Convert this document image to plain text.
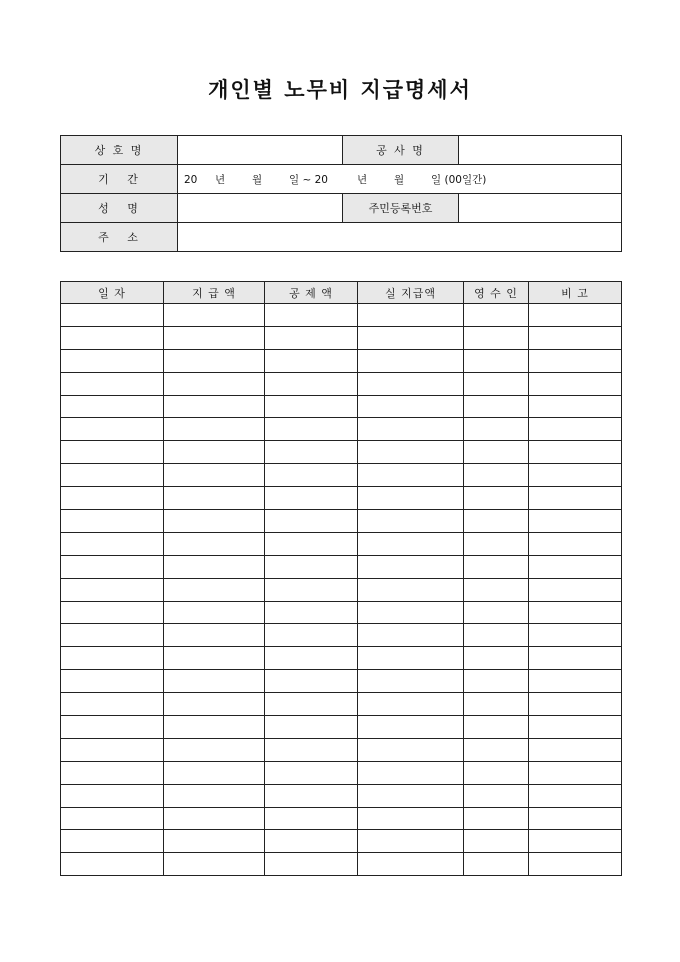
개인별 노무비 지급명세서
상 호 명		공 사 명	
기   간	20 년 월 일 ~ 20 년 월 일 (00일간)		
성   명		주민등록번호	
주   소			
일 자	지 급 액	공 제 액	실 지급액	영 수 인	비 고
